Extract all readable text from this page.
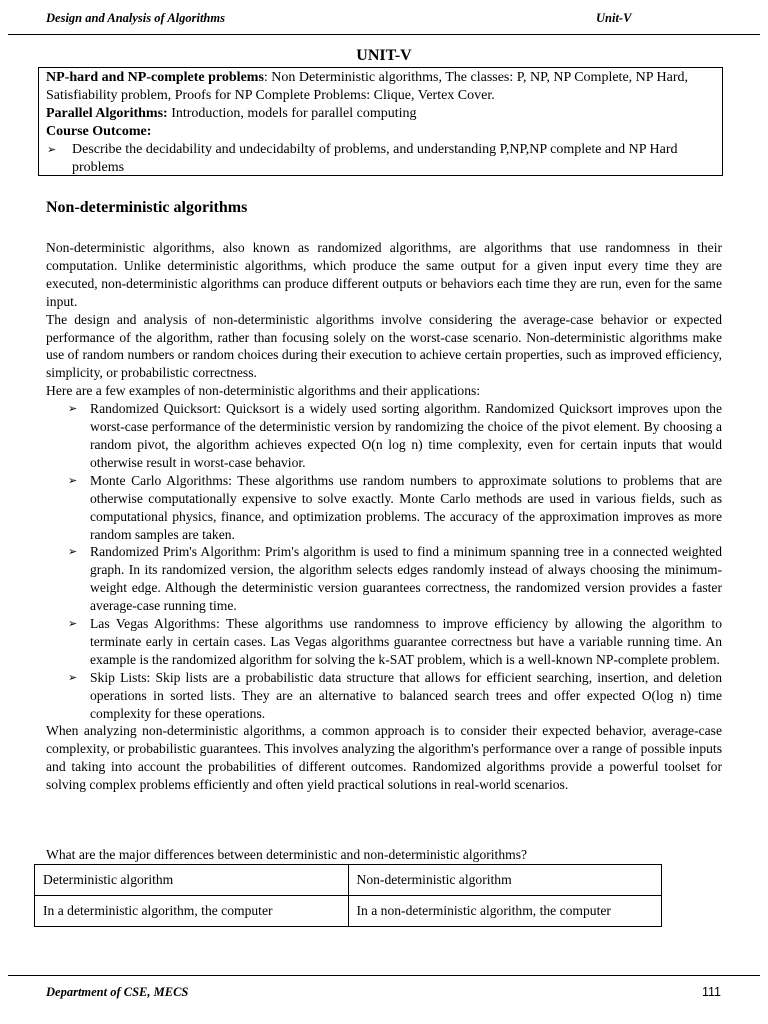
Design and Analysis of Algorithms	Unit-V
UNIT-V

NP-hard and NP-complete problems: Non Deterministic algorithms, The classes: P, NP, NP Complete, NP Hard, Satisfiability problem, Proofs for NP Complete Problems: Clique, Vertex Cover.

Parallel Algorithms: Introduction, models for parallel computing

Course Outcome:

➢ Describe the decidability and undecidabilty of problems, and understanding P,NP,NP complete and NP Hard problems

Non-deterministic algorithms

Non-deterministic algorithms, also known as randomized algorithms, are algorithms that use randomness in their computation. Unlike deterministic algorithms, which produce the same output for a given input every time they are executed, non-deterministic algorithms can produce different outputs or behaviors each time they are run, even for the same input.

The design and analysis of non-deterministic algorithms involve considering the average-case behavior or expected performance of the algorithm, rather than focusing solely on the worst-case scenario. Non-deterministic algorithms make use of random numbers or random choices during their execution to achieve certain properties, such as improved efficiency, simplicity, or probabilistic correctness.

Here are a few examples of non-deterministic algorithms and their applications:

➢ Randomized Quicksort: Quicksort is a widely used sorting algorithm. Randomized Quicksort improves upon the worst-case performance of the deterministic version by randomizing the choice of the pivot element. By choosing a random pivot, the algorithm achieves expected O(n log n) time complexity, even for certain inputs that would otherwise result in worst-case behavior.
➢ Monte Carlo Algorithms: These algorithms use random numbers to approximate solutions to problems that are otherwise computationally expensive to solve exactly. Monte Carlo methods are used in various fields, such as computational physics, finance, and optimization problems. The accuracy of the approximation improves as more random samples are taken.
➢ Randomized Prim's Algorithm: Prim's algorithm is used to find a minimum spanning tree in a connected weighted graph. In its randomized version, the algorithm selects edges randomly instead of always choosing the minimum-weight edge. Although the deterministic version guarantees correctness, the randomized version provides a faster average-case running time.
➢ Las Vegas Algorithms: These algorithms use randomness to improve efficiency by allowing the algorithm to terminate early in certain cases. Las Vegas algorithms guarantee correctness but have a variable running time. An example is the randomized algorithm for solving the k-SAT problem, which is a well-known NP-complete problem.
➢ Skip Lists: Skip lists are a probabilistic data structure that allows for efficient searching, insertion, and deletion operations in sorted lists. They are an alternative to balanced search trees and offer expected O(log n) time complexity for these operations.

When analyzing non-deterministic algorithms, a common approach is to consider their expected behavior, average-case complexity, or probabilistic guarantees. This involves analyzing the algorithm's performance over a range of possible inputs and taking into account the probabilities of different outcomes. Randomized algorithms provide a powerful toolset for solving complex problems efficiently and often yield practical solutions in real-world scenarios.

What are the major differences between deterministic and non-deterministic algorithms?
Deterministic algorithm	Non-deterministic algorithm
In a deterministic algorithm, the computer	In a non-deterministic algorithm, the computer
Department of CSE, MECS	111
